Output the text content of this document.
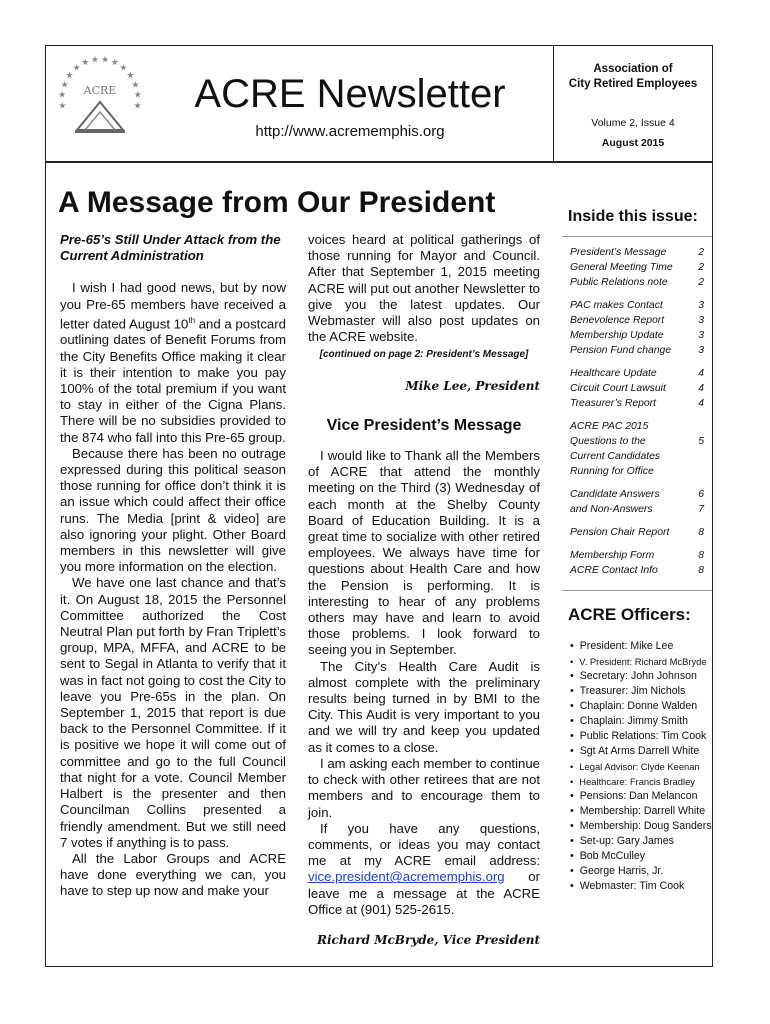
★
★
★
★
★
★ ★ ★ ★
★
★
★
★
★
ACRE	ACRE Newsletter
http://www.acrememphis.org
Association of
City Retired Employees
Volume 2, Issue 4
August 2015
A Message from Our President

Pre-65’s Still Under Attack from the Current Administration

I wish I had good news, but by now you Pre-65 members have received a letter dated August 10th and a postcard outlining dates of Benefit Forums from the City Benefits Office making it clear it is their intention to make you pay 100% of the total premium if you want to stay in either of the Cigna Plans. There will be no subsidies provided to the 874 who fall into this Pre-65 group.

Because there has been no outrage expressed during this political season those running for office don’t think it is an issue which could affect their office runs. The Media [print & video] are also ignoring your plight. Other Board members in this newsletter will give you more information on the election.

We have one last chance and that’s it. On August 18, 2015 the Personnel Committee authorized the Cost Neutral Plan put forth by Fran Triplett’s group, MPA, MFFA, and ACRE to be sent to Segal in Atlanta to verify that it was in fact not going to cost the City to leave you Pre-65s in the plan. On September 1, 2015 that report is due back to the Personnel Committee. If it is positive we hope it will come out of committee and go to the full Council that night for a vote. Council Member Halbert is the presenter and then Councilman Collins presented a friendly amendment. But we still need 7 votes if anything is to pass.

All the Labor Groups and ACRE have done everything we can, you have to step up now and make your

voices heard at political gatherings of those running for Mayor and Council. After that September 1, 2015 meeting ACRE will put out another Newsletter to give you the latest updates. Our Webmaster will also post updates on the ACRE website.

[continued on page 2: President’s Message]

Mike Lee, President

Vice President’s Message

I would like to Thank all the Members of ACRE that attend the monthly meeting on the Third (3) Wednesday of each month at the Shelby County Board of Education Building. It is a great time to socialize with other retired employees. We always have time for questions about Health Care and how the Pension is performing. It is interesting to hear of any problems others may have and learn to avoid those problems. I look forward to seeing you in September.

The City’s Health Care Audit is almost complete with the preliminary results being turned in by BMI to the City. This Audit is very important to you and we will try and keep you updated as it comes to a close.

I am asking each member to continue to check with other retirees that are not members and to encourage them to join.

If you have any questions, comments, or ideas you may contact me at my ACRE email address: vice.president@acrememphis.org or leave me a message at the ACRE Office at (901) 525-2615.

Richard McBryde, Vice President

Inside this issue:
President’s Message	2
General Meeting Time 2
Public Relations note	2
PAC makes Contact	3
Benevolence Report	3
Membership Update	3
Pension Fund change	3
Healthcare Update	4
Circuit Court Lawsuit	4
Treasurer’s Report	4
ACRE PAC 2015
Questions to the	5
Current Candidates
Running for Office
Candidate Answers	6
and Non-Answers	7
Pension Chair Report	8
Membership Form	8
ACRE Contact Info	8
ACRE Officers:
• President: Mike Lee
• V. President: Richard McBryde
• Secretary: John Johnson
• Treasurer: Jim Nichols
• Chaplain: Donne Walden
• Chaplain: Jimmy Smith
• Public Relations: Tim Cook
• Sgt At Arms Darrell White
• Legal Advisor: Clyde Keenan
• Healthcare: Francis Bradley
• Pensions: Dan Melancon
• Membership: Darrell White
• Membership: Doug Sanders
• Set-up: Gary James
• Bob McCulley
• George Harris, Jr.
• Webmaster: Tim Cook
